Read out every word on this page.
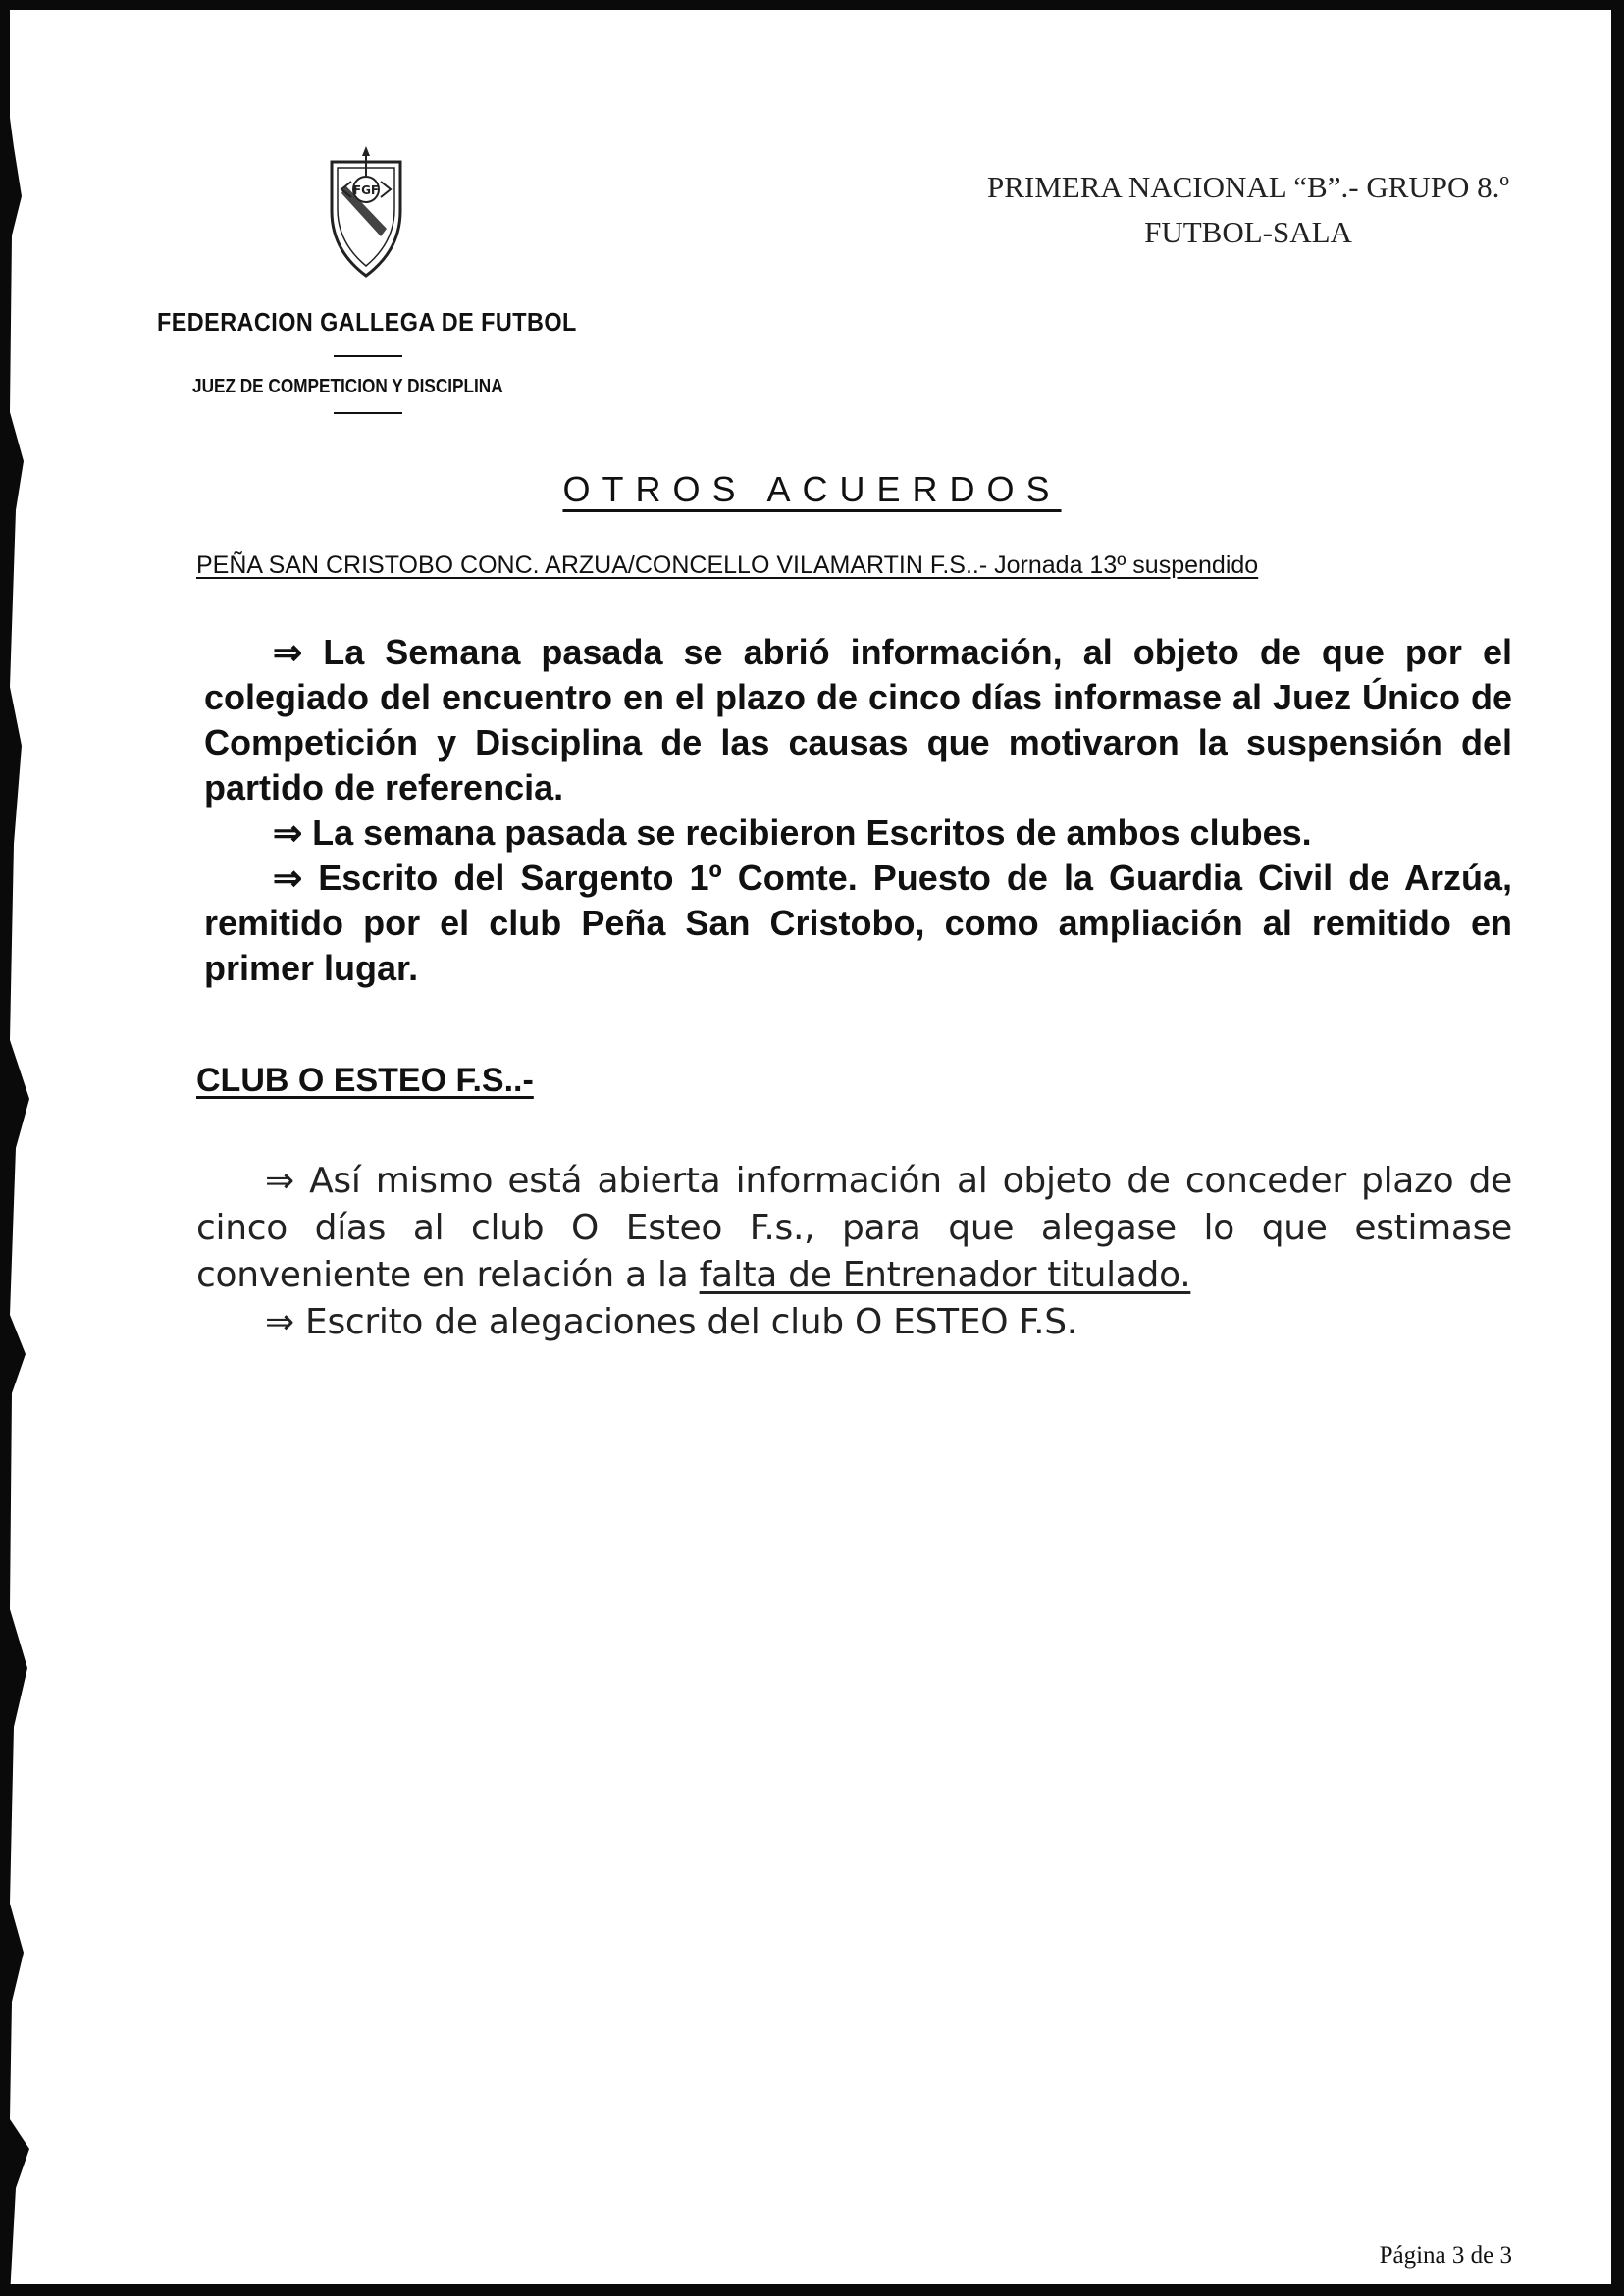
FGF
FEDERACION GALLEGA DE FUTBOL
JUEZ DE COMPETICION Y DISCIPLINA
PRIMERA NACIONAL “B”.- GRUPO 8.º
FUTBOL-SALA
OTROS ACUERDOS
PEÑA SAN CRISTOBO CONC. ARZUA/CONCELLO VILAMARTIN F.S..- Jornada 13º suspendido

⇒ La Semana pasada se abrió información, al objeto de que por el colegiado del encuentro en el plazo de cinco días informase al Juez Único de Competición y Disciplina de las causas que motivaron la suspensión del partido de referencia.

⇒ La semana pasada se recibieron Escritos de ambos clubes.

⇒ Escrito del Sargento 1º Comte. Puesto de la Guardia Civil de Arzúa, remitido por el club Peña San Cristobo, como ampliación al remitido en primer lugar.

CLUB O ESTEO F.S..-

⇒ Así mismo está abierta información al objeto de conceder plazo de cinco días al club O Esteo F.s., para que alegase lo que estimase conveniente en relación a la falta de Entrenador titulado.

⇒ Escrito de alegaciones del club O ESTEO F.S.

Página 3 de 3
